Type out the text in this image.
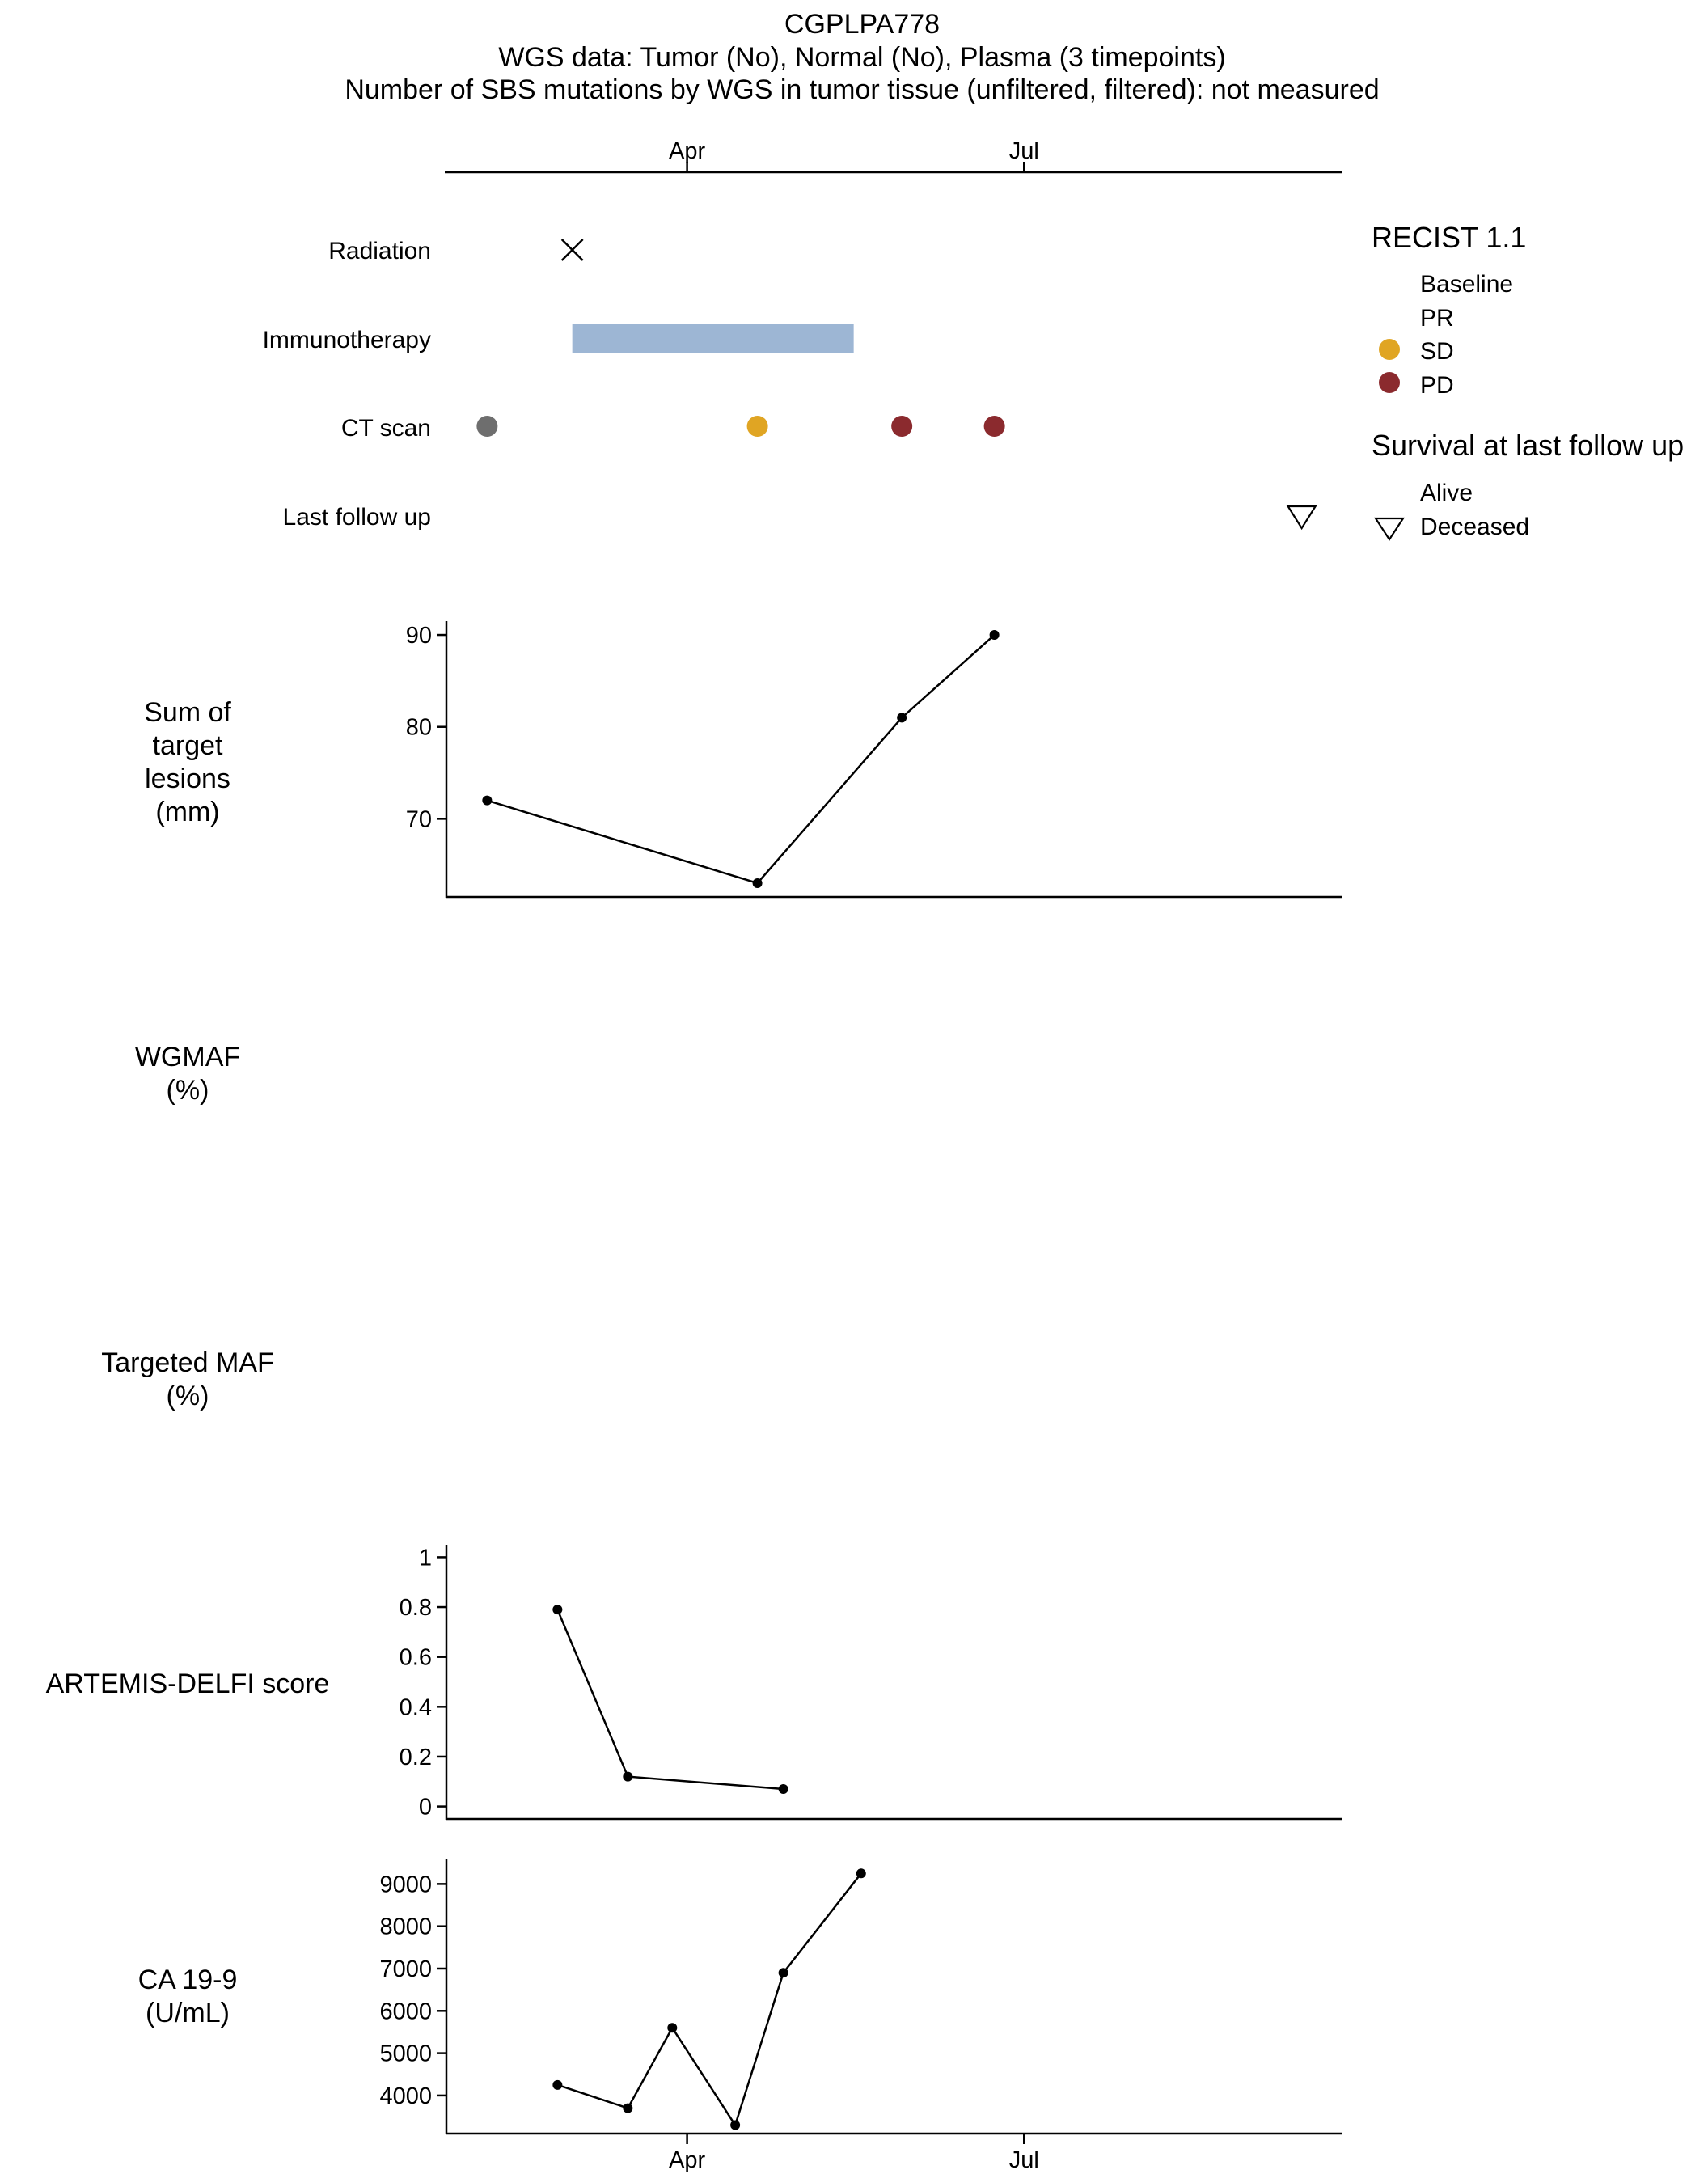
CGPLPA778
WGS data: Tumor (No), Normal (No), Plasma (3 timepoints)
Number of SBS mutations by WGS in tumor tissue (unfiltered, filtered): not measured
Apr	Jul
Radiation
Immunotherapy
CT scan
Last follow up
RECIST 1.1
Baseline
PR
SD
PD
Survival at last follow up
Alive
Deceased
Sum of
target
lesions
(mm)	70
80
90
WGMAF
(%)
Targeted MAF
(%)
ARTEMIS-DELFI score
0
0.2
0.4
0.6
0.8
1
CA 19-9
(U/mL)
4000
5000
6000
7000
8000
9000
Apr	Jul
